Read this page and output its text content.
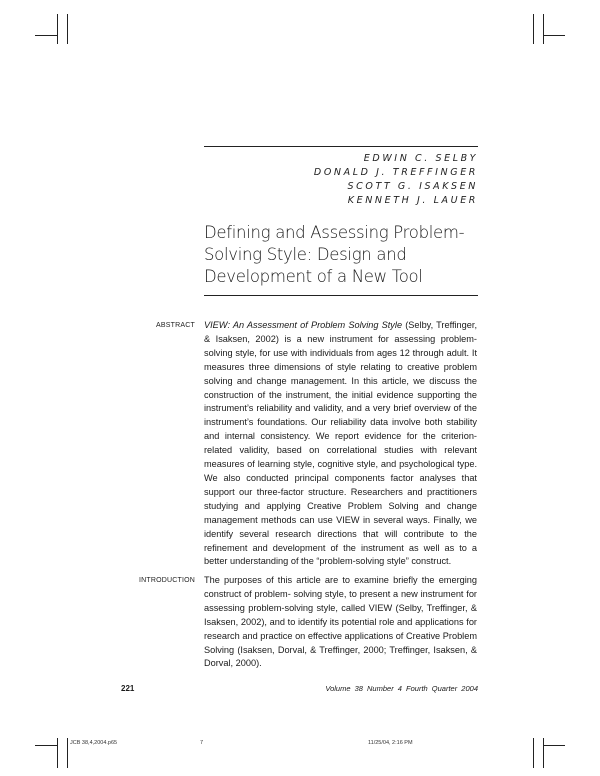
EDWIN C. SELBY
DONALD J. TREFFINGER
SCOTT G. ISAKSEN
KENNETH J. LAUER
Defining and Assessing Problem-
Solving Style: Design and
Development of a New Tool
ABSTRACT VIEW: An Assessment of Problem Solving Style (Selby, Treffinger, & Isaksen, 2002) is a new instrument for assessing problem-solving style, for use with individuals from ages 12 through adult. It measures three dimensions of style relating to creative problem solving and change management. In this article, we discuss the construction of the instrument, the initial evidence supporting the instrument’s reliability and validity, and a very brief overview of the instrument’s foundations. Our reliability data involve both stability and internal consistency. We report evidence for the criterion-related validity, based on correlational studies with relevant measures of learning style, cognitive style, and psychological type. We also conducted principal components factor analyses that support our three-factor structure. Researchers and practitioners studying and applying Creative Problem Solving and change management methods can use VIEW in several ways. Finally, we identify several research directions that will contribute to the refinement and development of the instrument as well as to a better understanding of the “problem-solving style” construct.
INTRODUCTION The purposes of this article are to examine briefly the emerging construct of problem- solving style, to present a new instrument for assessing problem-solving style, called VIEW (Selby, Treffinger, & Isaksen, 2002), and to identify its potential role and applications for research and practice on effective applications of Creative Problem Solving (Isaksen, Dorval, & Treffinger, 2000; Treffinger, Isaksen, & Dorval, 2000).
221	Volume 38 Number 4 Fourth Quarter 2004
JCB 38,4,2004.p65	7	11/25/04, 2:16 PM
